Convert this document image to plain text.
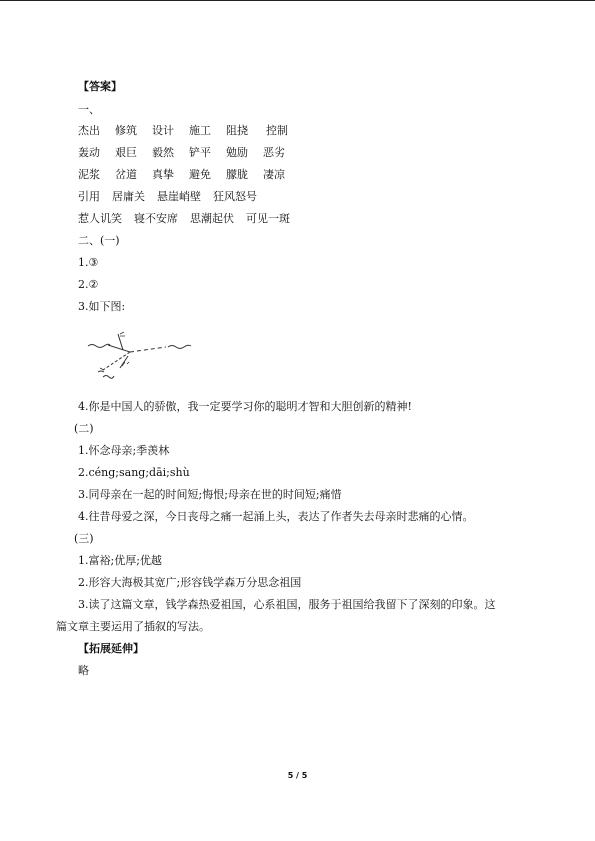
【答案】
一、
杰出 修筑 设计 施工 阻挠 控制
轰动 艰巨 毅然 铲平 勉励 恶劣
泥浆 岔道 真挚 避免 朦胧 凄凉
引用 居庸关 悬崖峭壁 狂风怒号
惹人讥笑 寝不安席 思潮起伏 可见一斑
二、(一)
1.③
2.②
3.如下图:
4.你是中国人的骄傲，我一定要学习你的聪明才智和大胆创新的精神!
(二)
1.怀念母亲;季羡林
2.céng;sang;dāi;shù
3.同母亲在一起的时间短;悔恨;母亲在世的时间短;痛惜
4.往昔母爱之深，今日丧母之痛一起涌上头，表达了作者失去母亲时悲痛的心情。
(三)
1.富裕;优厚;优越
2.形容大海极其宽广;形容钱学森万分思念祖国
3.读了这篇文章，钱学森热爱祖国，心系祖国，服务于祖国给我留下了深刻的印象。这
篇文章主要运用了插叙的写法。
【拓展延伸】
略
5 / 5
